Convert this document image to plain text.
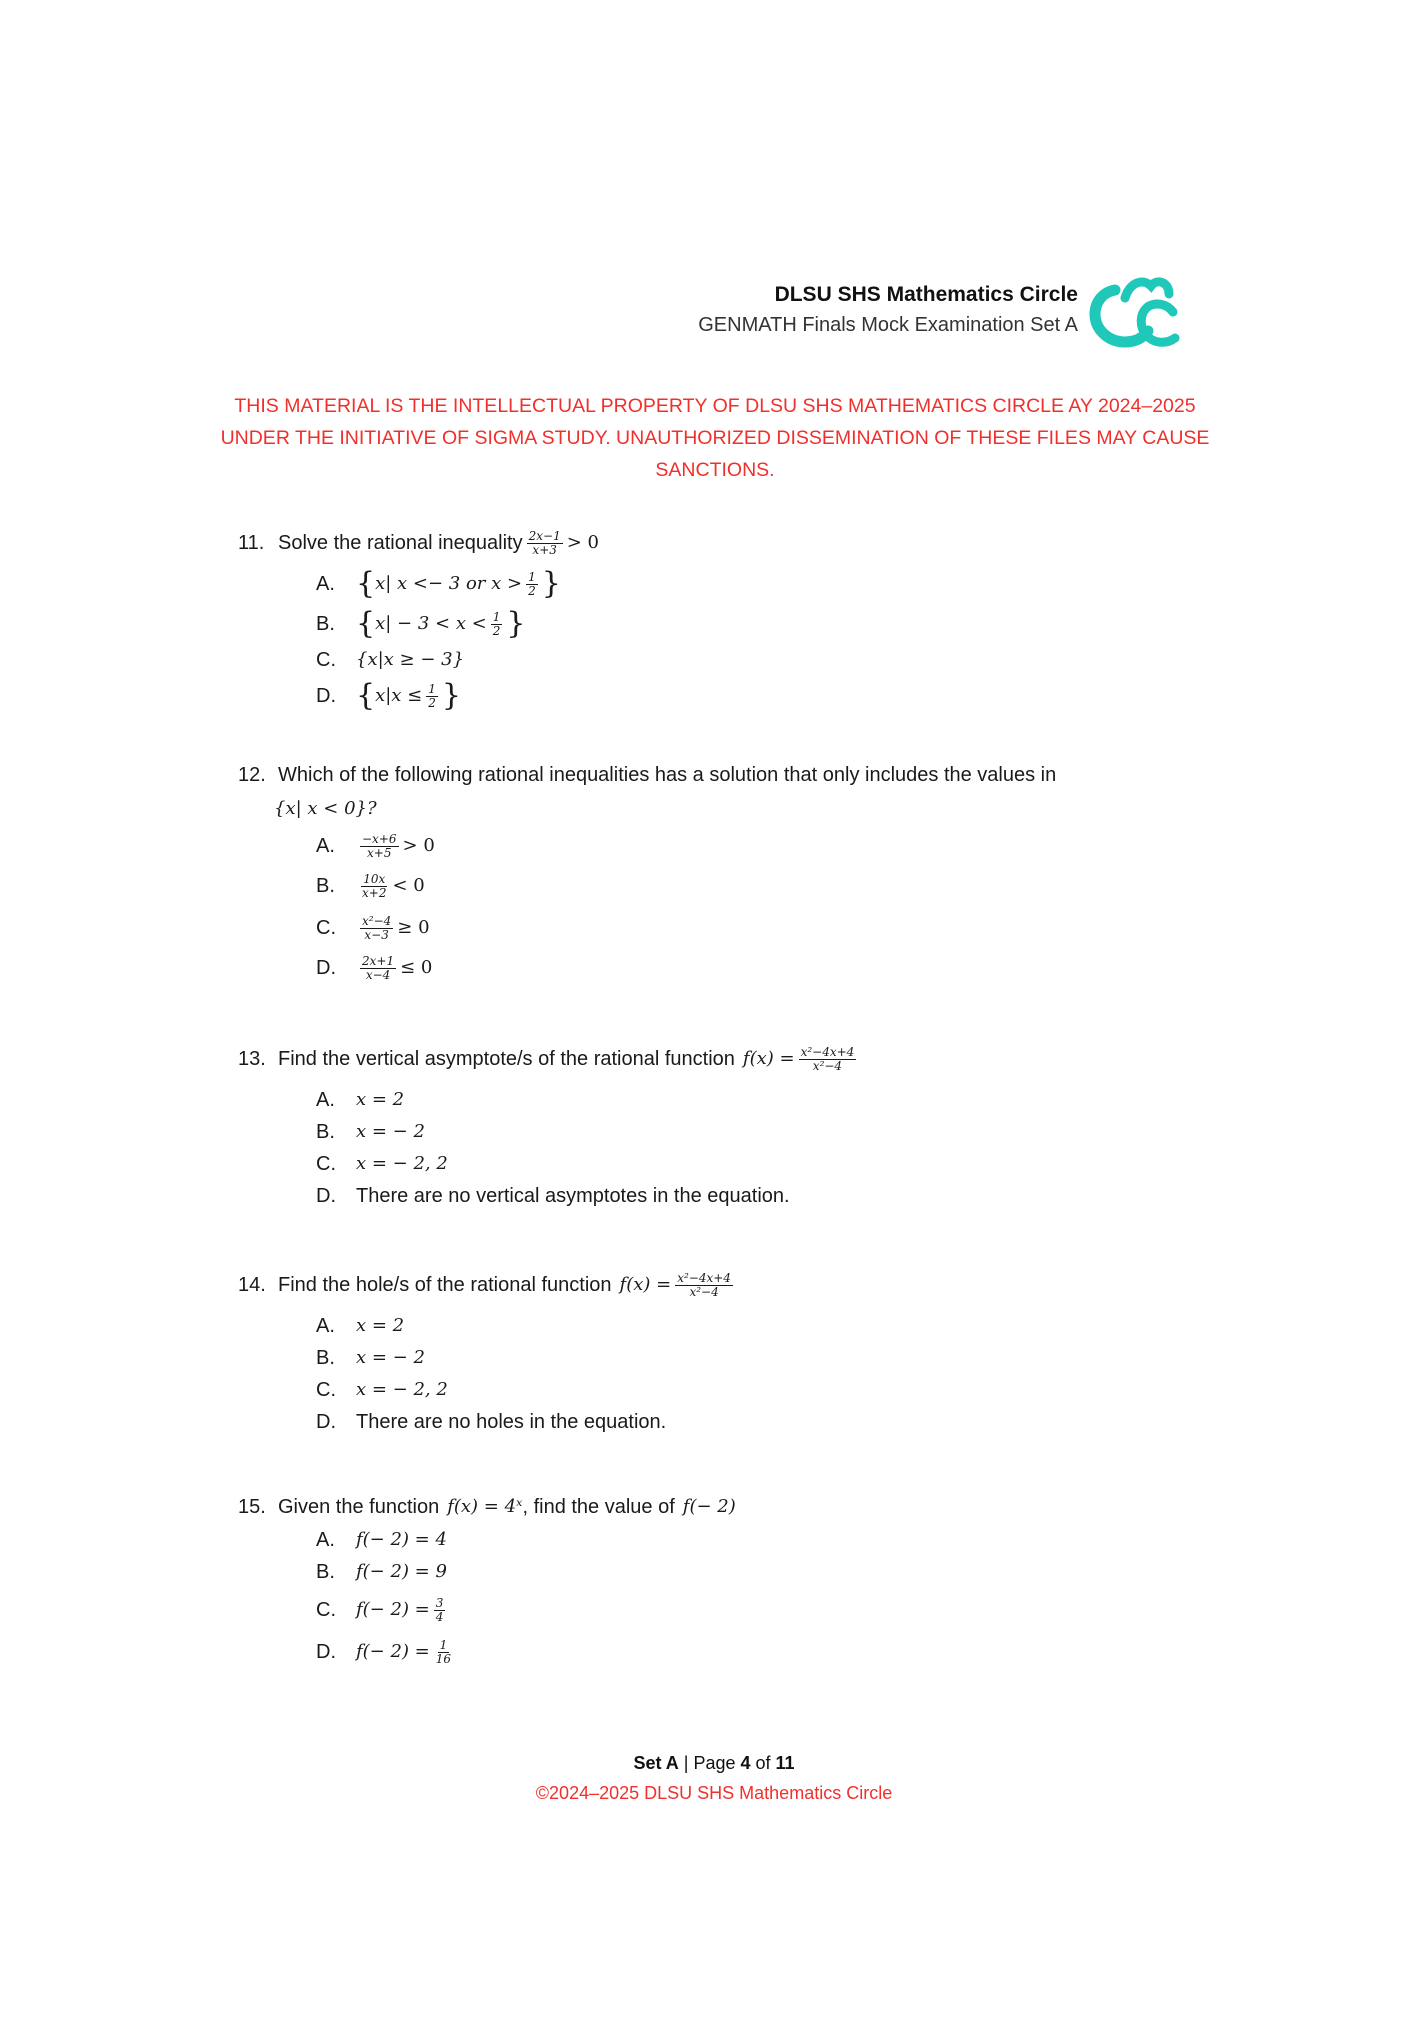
DLSU SHS Mathematics Circle
GENMATH Finals Mock Examination Set A
THIS MATERIAL IS THE INTELLECTUAL PROPERTY OF DLSU SHS MATHEMATICS CIRCLE AY 2024–2025
UNDER THE INITIATIVE OF SIGMA STUDY. UNAUTHORIZED DISSEMINATION OF THESE FILES MAY CAUSE
SANCTIONS.
11. Solve the rational inequality $\frac{2x-1}{x+3} > 0$
A. { x| x <− 3 or $x > \frac{1}{2}$ }
B. { $x| - 3 < x < \frac{1}{2}$ }
C.	{x|x ≥ − 3}
D. { $x|x \le \frac{1}{2}$ }
12. Which of the following rational inequalities has a solution that only includes the values in
{x| x < 0}?
A.	$\frac{-x+6}{x+5} > 0$
B.	$\frac{10x}{x+2} < 0$
C.	$\frac{\text{x²−4}}{x-3} \ge 0$
D.	$\frac{2x+1}{x-4} \le 0$
13. Find the vertical asymptote/s of the rational function $f(x) = \frac{\text{x²−4x+4}}{\text{x²−4}}$
A.	x = 2
B.	x = − 2
C.	x = − 2, 2
D.	There are no vertical asymptotes in the equation.
14. Find the hole/s of the rational function $f(x) = \frac{\text{x²−4x+4}}{\text{x²−4}}$
A.	x = 2
B.	x = − 2
C.	x = − 2, 2
D.	There are no holes in the equation.
15. Given the function f(x) = 4ˣ , find the value of f(− 2)
A.	f(− 2) = 4
B.	f(− 2) = 9
C.	$f(- 2) = \frac{3}{4}$
D.	$f(- 2) = \frac{1}{16}$
Set A | Page 4 of 11
©2024–2025 DLSU SHS Mathematics Circle
